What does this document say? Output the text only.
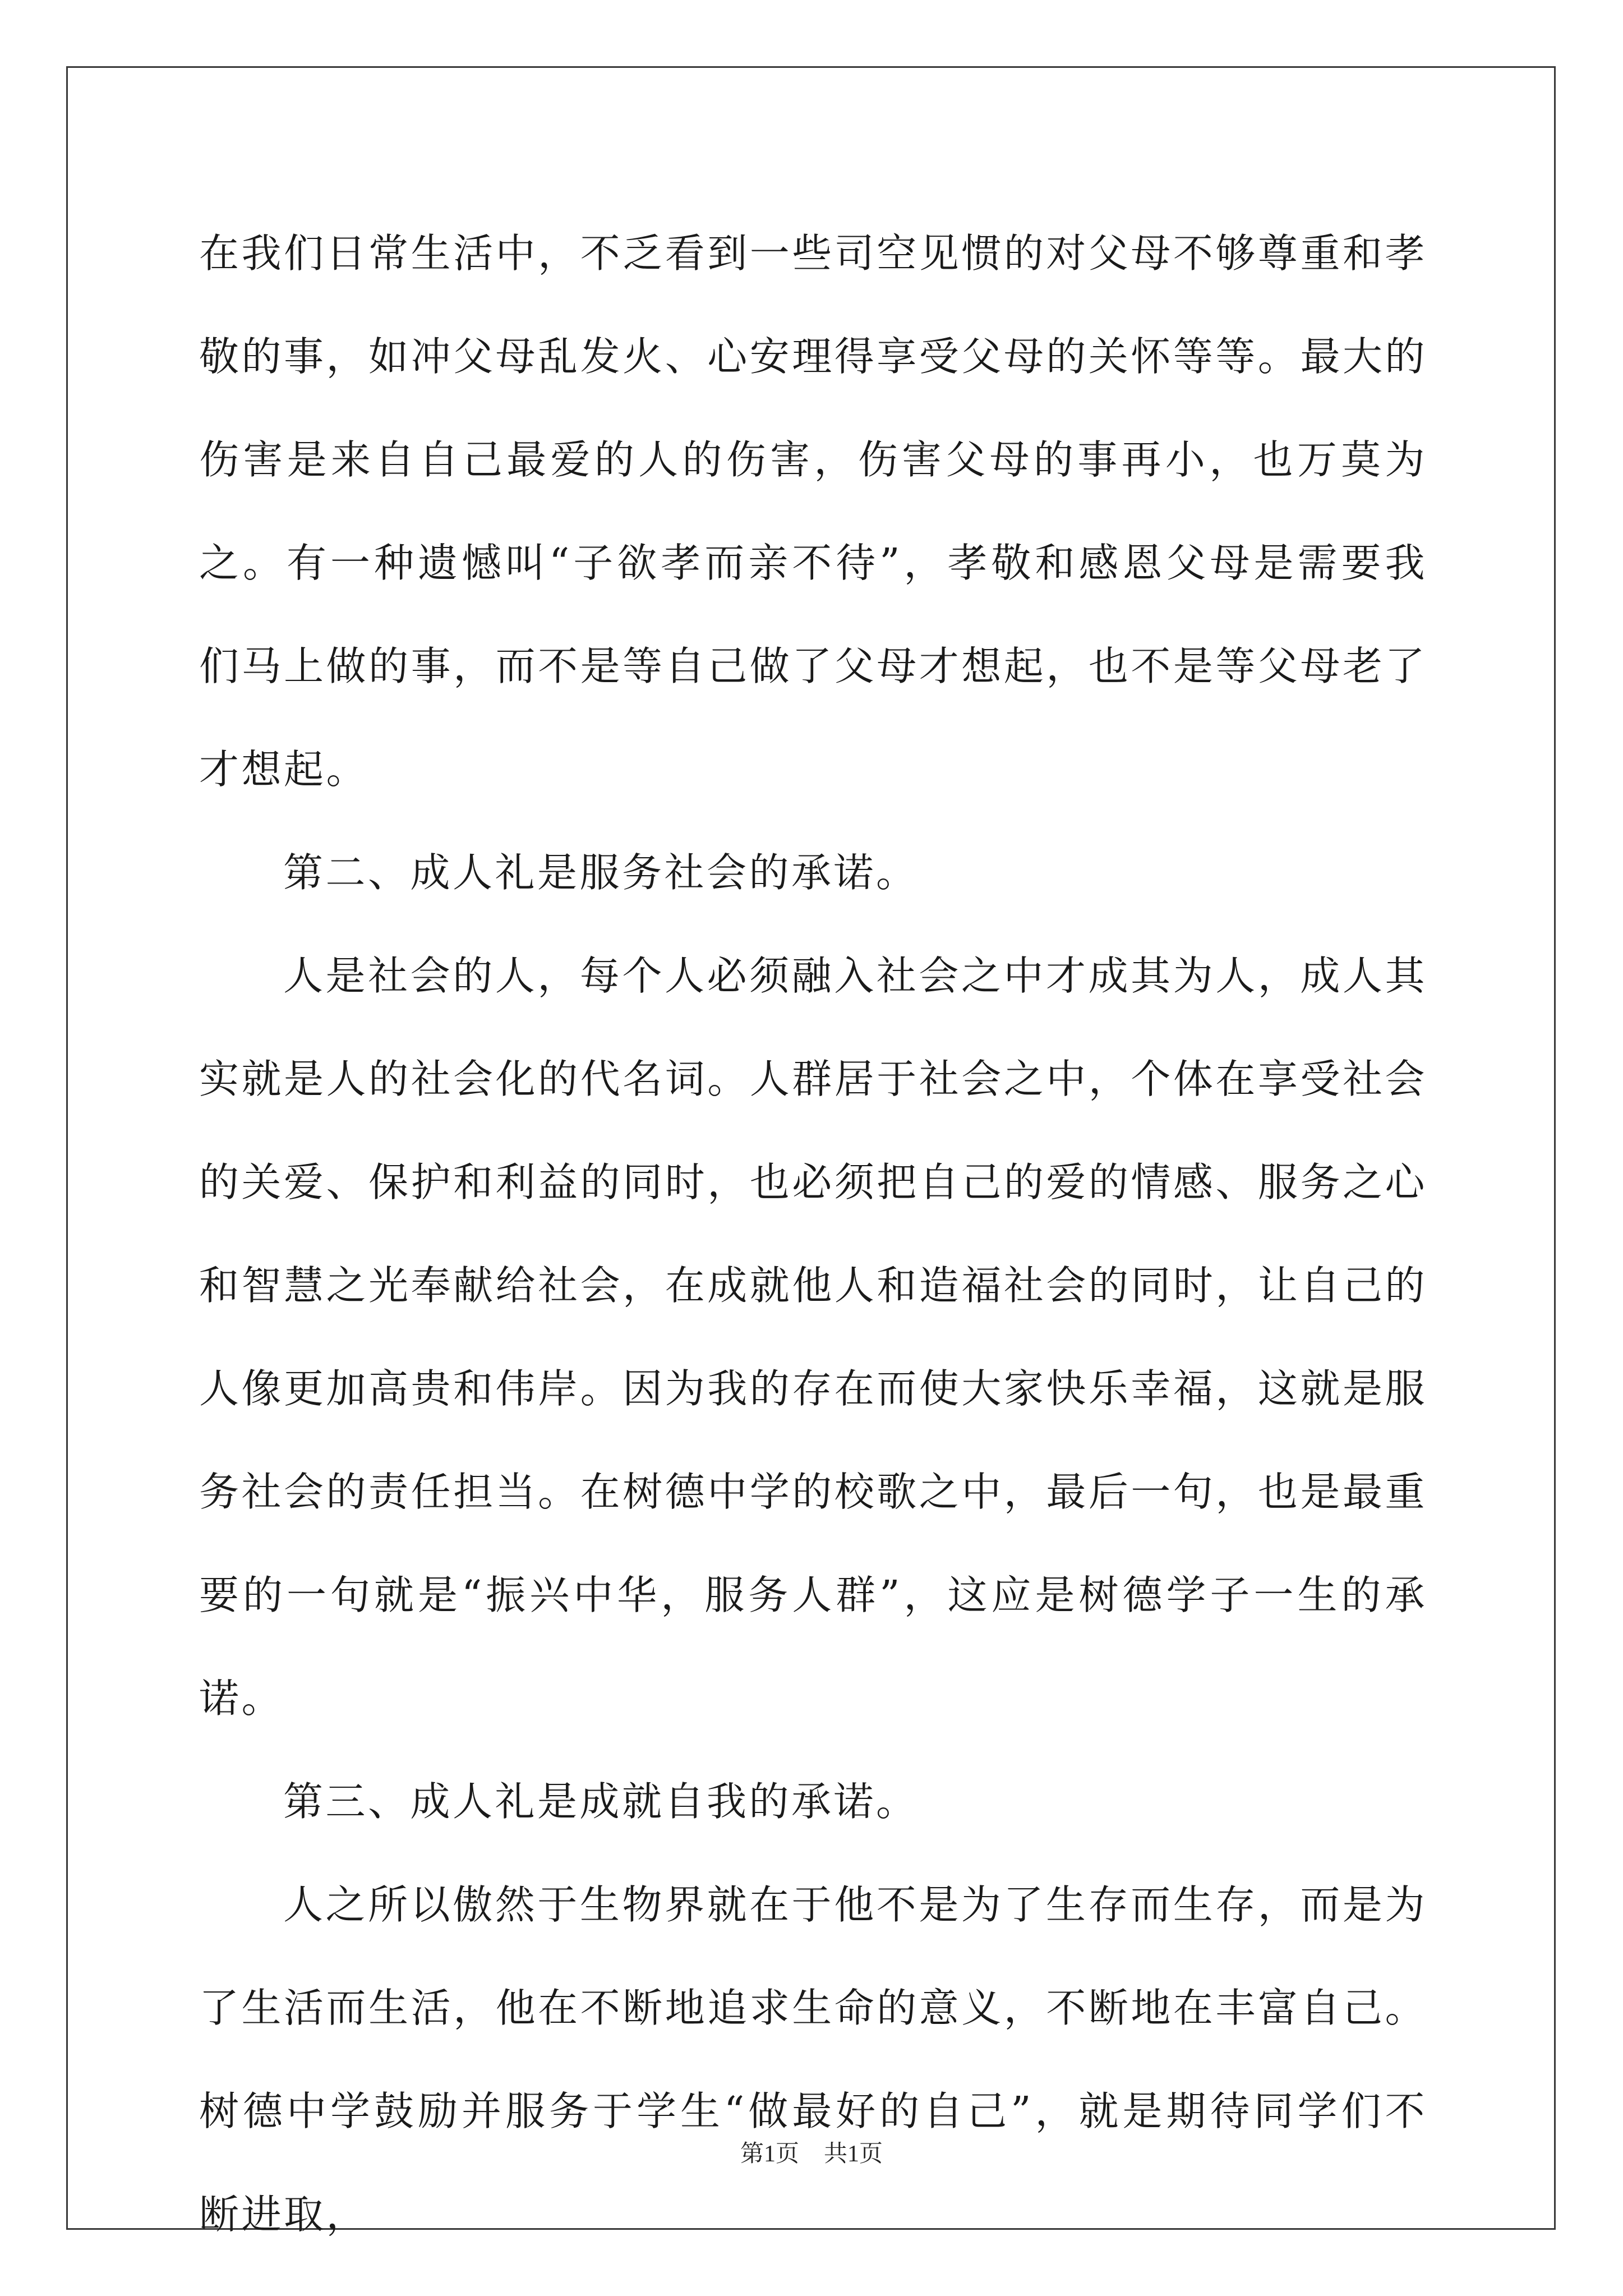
在我们日常生活中，不乏看到一些司空见惯的对父母不够尊重和孝敬的事，如冲父母乱发火、心安理得享受父母的关怀等等。最大的伤害是来自自己最爱的人的伤害，伤害父母的事再小，也万莫为之。有一种遗憾叫“子欲孝而亲不待”，孝敬和感恩父母是需要我们马上做的事，而不是等自己做了父母才想起，也不是等父母老了才想起。

第二、成人礼是服务社会的承诺。

人是社会的人，每个人必须融入社会之中才成其为人，成人其实就是人的社会化的代名词。人群居于社会之中，个体在享受社会的关爱、保护和利益的同时，也必须把自己的爱的情感、服务之心和智慧之光奉献给社会，在成就他人和造福社会的同时，让自己的人像更加高贵和伟岸。因为我的存在而使大家快乐幸福，这就是服务社会的责任担当。在树德中学的校歌之中，最后一句，也是最重要的一句就是“振兴中华，服务人群”，这应是树德学子一生的承诺。

第三、成人礼是成就自我的承诺。

人之所以傲然于生物界就在于他不是为了生存而生存，而是为了生活而生活，他在不断地追求生命的意义，不断地在丰富自己。树德中学鼓励并服务于学生“做最好的自己”，就是期待同学们不断进取，

第1页 共1页
